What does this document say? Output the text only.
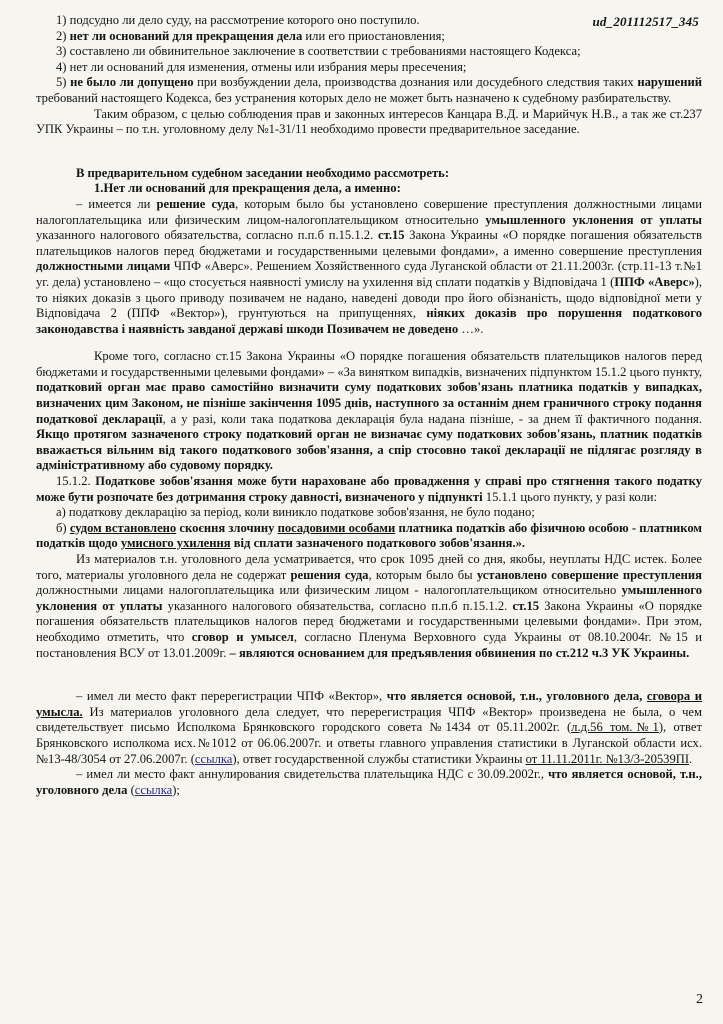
ud_201112517_345

1) подсудно ли дело суду, на рассмотрение которого оно поступило.

2) нет ли оснований для прекращения дела или его приостановления;

3) составлено ли обвинительное заключение в соответствии с требованиями настоящего Кодекса;

4) нет ли оснований для изменения, отмены или избрания меры пресечения;

5) не было ли допущено при возбуждении дела, производства дознания или досудебного следствия таких нарушений требований настоящего Кодекса, без устранения которых дело не может быть назначено к судебному разбирательству.

Таким образом, с целью соблюдения прав и законных интересов Канцара В.Д. и Марийчук Н.В., а так же ст.237 УПК Украины – по т.н. уголовному делу №1-31/11 необходимо провести предварительное заседание.

В предварительном судебном заседании необходимо рассмотреть:

1.Нет ли оснований для прекращения дела, а именно:

– имеется ли решение суда, которым было бы установлено совершение преступления должностными лицами налогоплательщика или физическим лицом-налогоплательщиком относительно умышленного уклонения от уплаты указанного налогового обязательства, согласно п.п.б п.15.1.2. ст.15 Закона Украины «О порядке погашения обязательств плательщиков налогов перед бюджетами и государственными целевыми фондами», а именно совершение преступления должностными лицами ЧПФ «Аверс». Решением Хозяйственного суда Луганской области от 21.11.2003г. (стр.11-13 т.№1 уг. дела) установлено – «що стосується наявності умислу на ухилення від сплати податків у Відповідача 1 (ППФ «Аверс»), то ніяких доказів з цього приводу позивачем не надано, наведені доводи про його обізнаність, щодо відповідної мети у Відповідача 2 (ППФ «Вектор»), грунтуються на припущеннях, ніяких доказів про порушення податкового законодавства і наявність завданої державі шкоди Позивачем не доведено …».

Кроме того, согласно ст.15 Закона Украины «О порядке погашения обязательств плательщиков налогов перед бюджетами и государственными целевыми фондами» – «За винятком випадків, визначених підпунктом 15.1.2 цього пункту, податковий орган має право самостійно визначити суму податкових зобов'язань платника податків у випадках, визначених цим Законом, не пізніше закінчення 1095 днів, наступного за останнім днем граничного строку подання податкової декларації, а у разі, коли така податкова декларація була надана пізніше, - за днем її фактичного подання. Якщо протягом зазначеного строку податковий орган не визначає суму податкових зобов'язань, платник податків вважається вільним від такого податкового зобов'язання, а спір стосовно такої декларації не підлягає розгляду в адміністративному або судовому порядку.

15.1.2. Податкове зобов'язання може бути нараховане або провадження у справі про стягнення такого податку може бути розпочате без дотримання строку давності, визначеного у підпункті 15.1.1 цього пункту, у разі коли:

а) податкову декларацію за період, коли виникло податкове зобов'язання, не було подано;

б) судом встановлено скоєння злочину посадовими особами платника податків або фізичною особою - платником податків щодо умисного ухилення від сплати зазначеного податкового зобов'язання.».

Из материалов т.н. уголовного дела усматривается, что срок 1095 дней со дня, якобы, неуплаты НДС истек. Более того, материалы уголовного дела не содержат решения суда, которым было бы установлено совершение преступления должностными лицами налогоплательщика или физическим лицом - налогоплательщиком относительно умышленного уклонения от уплаты указанного налогового обязательства, согласно п.п.б п.15.1.2. ст.15 Закона Украины «О порядке погашения обязательств плательщиков налогов перед бюджетами и государственными целевыми фондами». При этом, необходимо отметить, что сговор и умысел, согласно Пленума Верховного суда Украины от 08.10.2004г. №15 и постановления ВСУ от 13.01.2009г. – являются основанием для предъявления обвинения по ст.212 ч.3 УК Украины.

– имел ли место факт перерегистрации ЧПФ «Вектор», что является основой, т.н., уголовного дела, сговора и умысла. Из материалов уголовного дела следует, что перерегистрация ЧПФ «Вектор» произведена не была, о чем свидетельствует письмо Исполкома Брянковского городского совета №1434 от 05.11.2002г. (л.д.56 том.№1), ответ Брянковского исполкома исх.№1012 от 06.06.2007г. и ответы главного управления статистики в Луганской области исх.№13-48/3054 от 27.06.2007г. (ссылка), ответ государственной службы статистики Украины от 11.11.2011г. №13/3-20539ПІ.

– имел ли место факт аннулирования свидетельства плательщика НДС с 30.09.2002г., что является основой, т.н., уголовного дела (ссылка);

2
